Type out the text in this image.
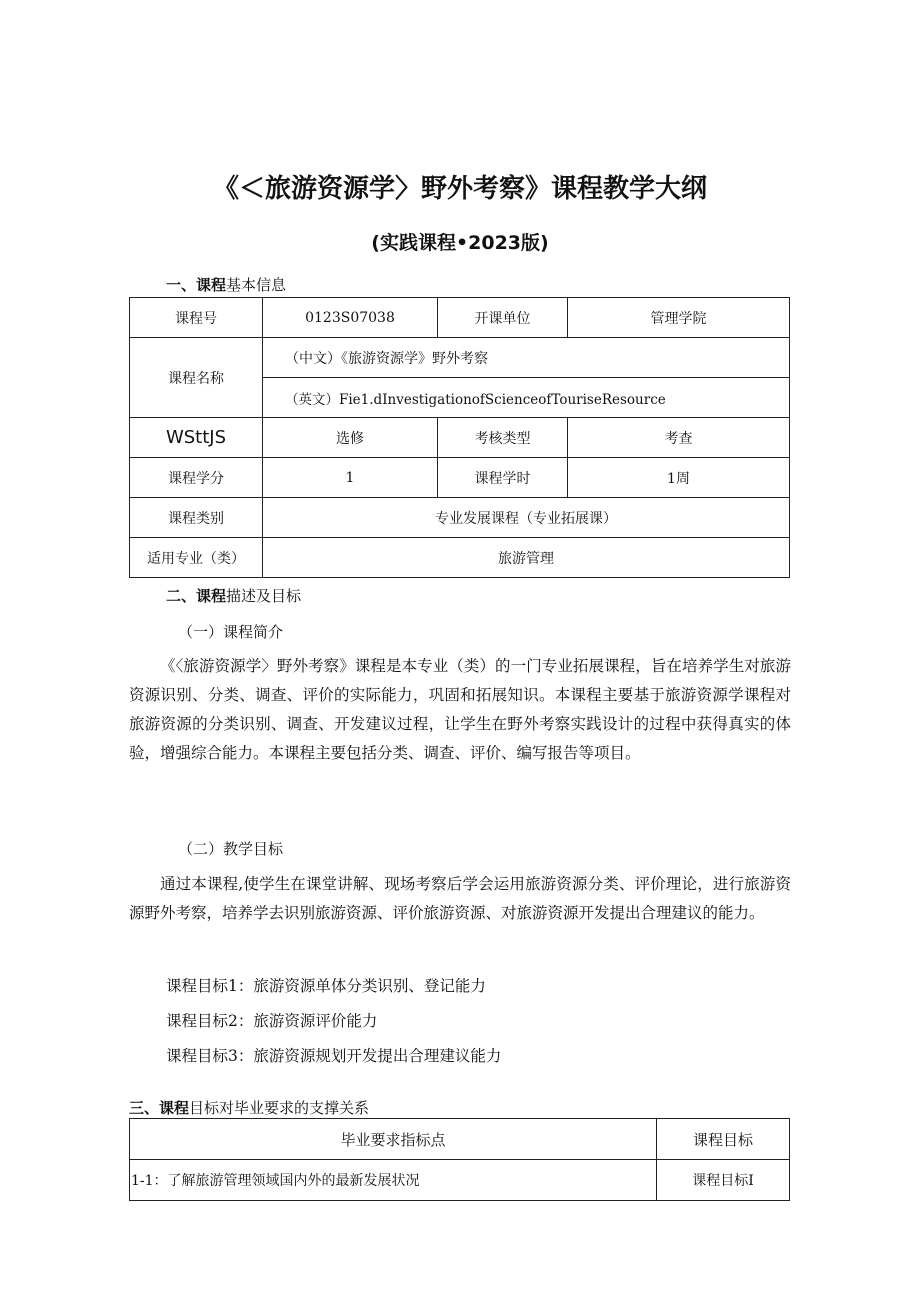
《＜旅游资源学〉野外考察》课程教学大纲
(实践课程•2023版)
一、课程基本信息
课程号	0123S07038	开课单位	管理学院
课程名称	（中文）《旅游资源学》野外考察		
	（英文）Fie1.dInvestigationofScienceofTouriseResource		
WSttJS	选修	考核类型	考查
课程学分	1	课程学时	1周
课程类别	专业发展课程（专业拓展课）		
适用专业（类）	旅游管理		
二、课程描述及目标
（一）课程简介

《〈旅游资源学〉野外考察》课程是本专业（类）的一门专业拓展课程，旨在培养学生对旅游资源识别、分类、调查、评价的实际能力，巩固和拓展知识。本课程主要基于旅游资源学课程对旅游资源的分类识别、调查、开发建议过程，让学生在野外考察实践设计的过程中获得真实的体验，增强综合能力。本课程主要包括分类、调查、评价、编写报告等项目。

（二）教学目标

通过本课程,使学生在课堂讲解、现场考察后学会运用旅游资源分类、评价理论，进行旅游资源野外考察，培养学去识别旅游资源、评价旅游资源、对旅游资源开发提出合理建议的能力。

课程目标1：旅游资源单体分类识别、登记能力
课程目标2：旅游资源评价能力
课程目标3：旅游资源规划开发提出合理建议能力
三、课程目标对毕业要求的支撑关系
毕业要求指标点	课程目标
1-1：了解旅游管理领域国内外的最新发展状况	课程目标I
